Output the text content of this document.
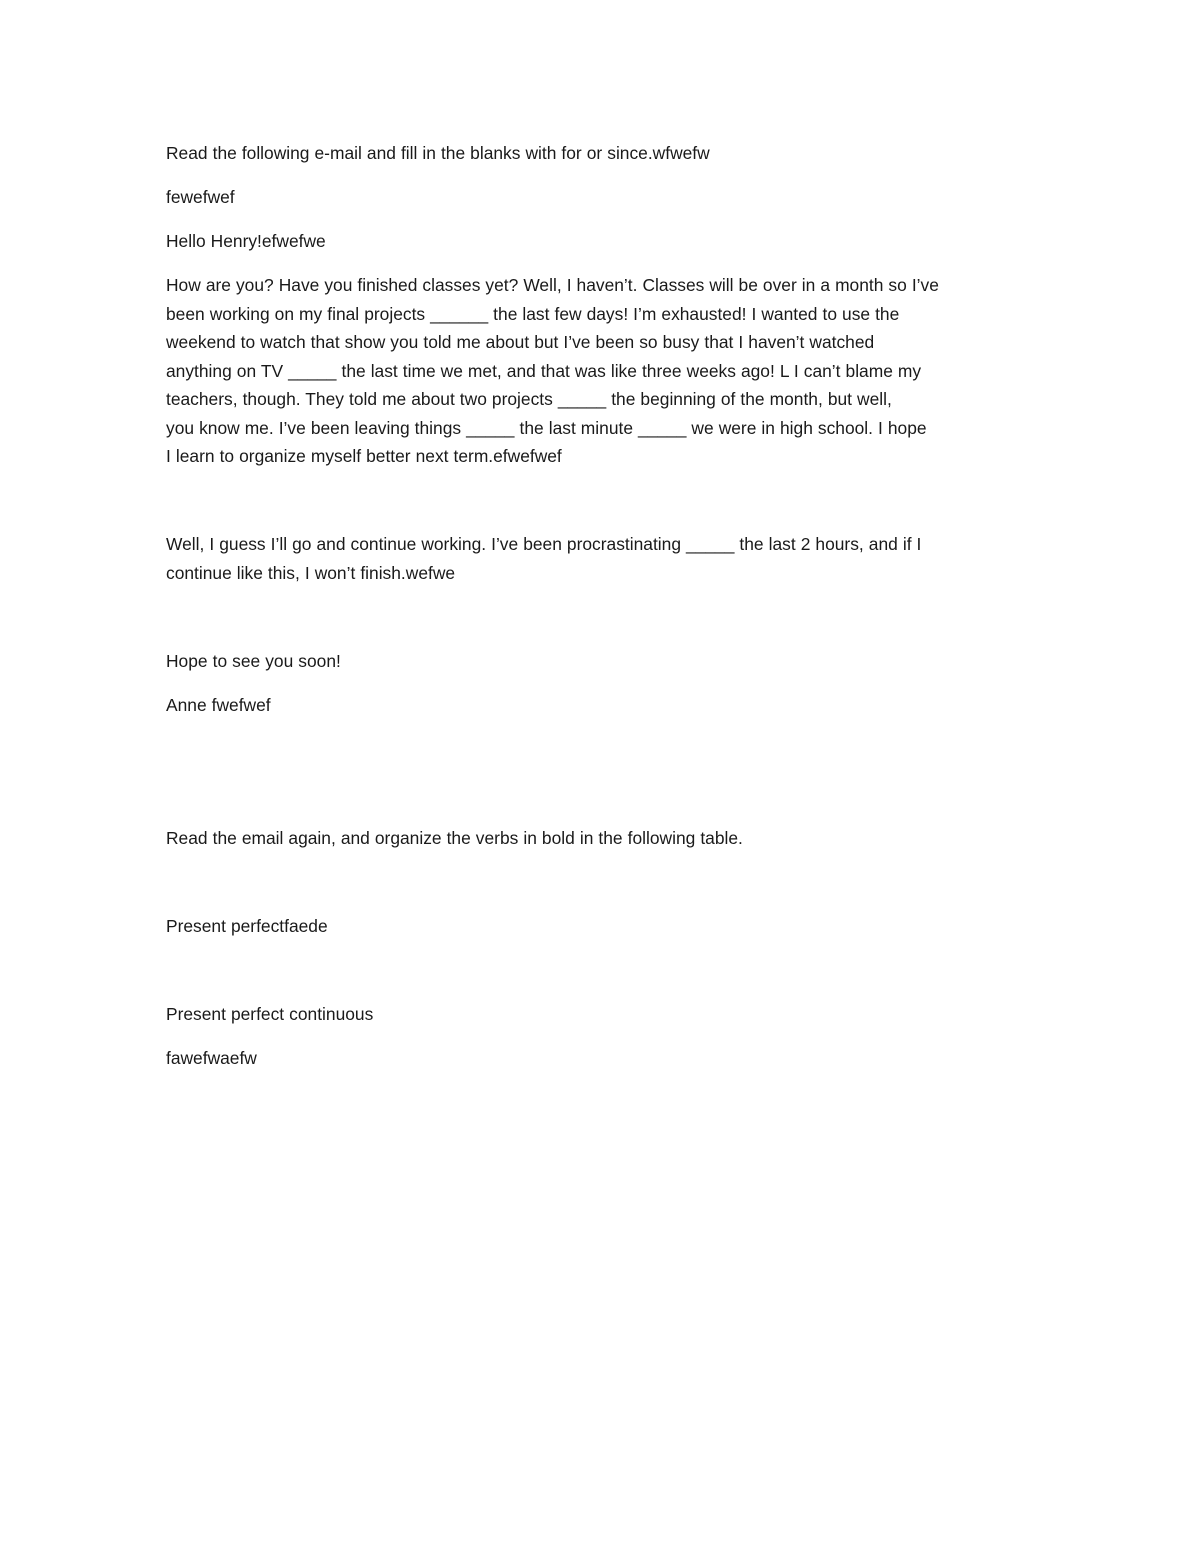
Read the following e-mail and fill in the blanks with for or since.wfwefw

fewefwef

Hello Henry!efwefwe

How are you? Have you finished classes yet? Well, I haven’t. Classes will be over in a month so I’ve
been working on my final projects ______ the last few days! I’m exhausted! I wanted to use the
weekend to watch that show you told me about but I’ve been so busy that I haven’t watched
anything on TV _____ the last time we met, and that was like three weeks ago! L I can’t blame my
teachers, though. They told me about two projects _____ the beginning of the month, but well,
you know me. I’ve been leaving things _____ the last minute _____ we were in high school. I hope
I learn to organize myself better next term.efwefwef
Well, I guess I’ll go and continue working. I’ve been procrastinating _____ the last 2 hours, and if I
continue like this, I won’t finish.wefwe

Hope to see you soon!

Anne fwefwef

Read the email again, and organize the verbs in bold in the following table.

Present perfectfaede

Present perfect continuous

fawefwaefw
